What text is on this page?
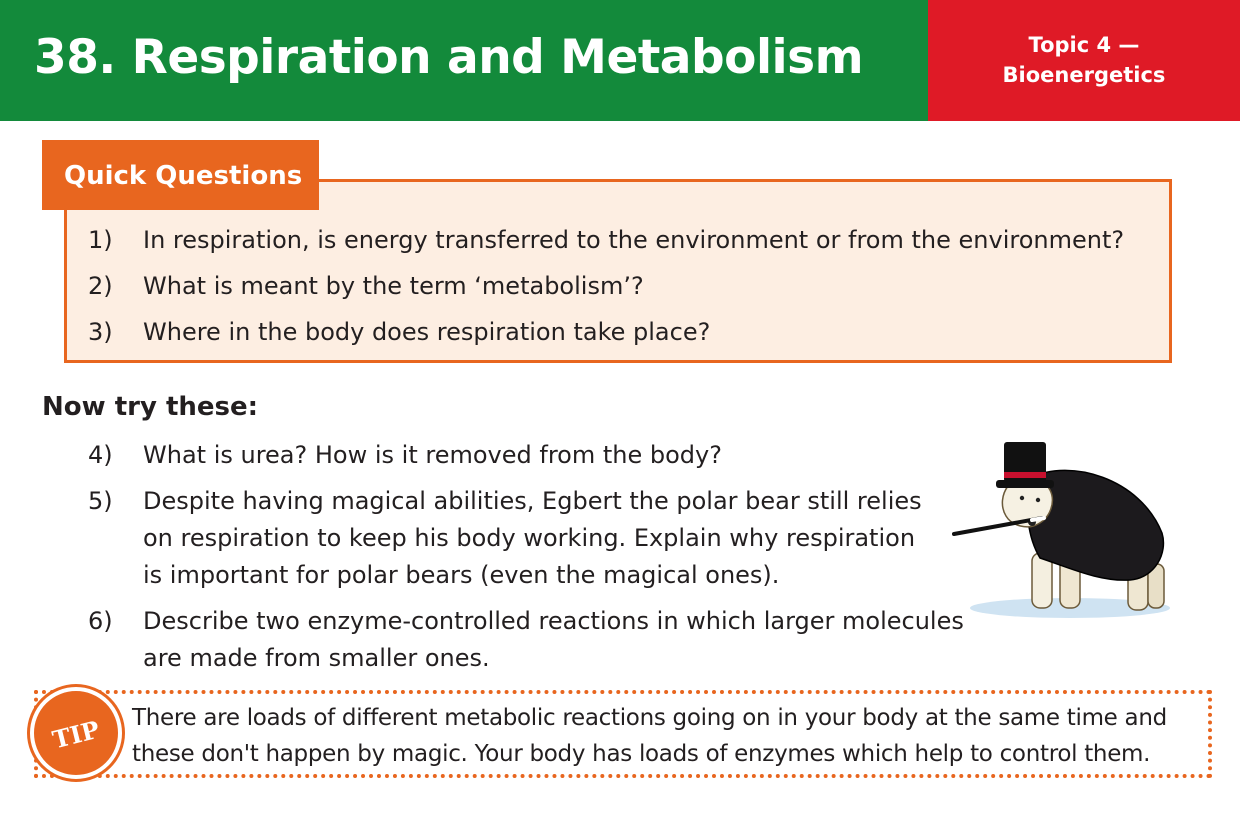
38. Respiration and Metabolism	Topic 4 —
Bioenergetics
Quick Questions
1) In respiration, is energy transferred to the environment or from the environment?
2) What is meant by the term ‘metabolism’?
3) Where in the body does respiration take place?
Now try these:
4) What is urea? How is it removed from the body?
5) Despite having magical abilities, Egbert the polar bear still relies
on respiration to keep his body working. Explain why respiration
is important for polar bears (even the magical ones).
6) Describe two enzyme-controlled reactions in which larger molecules
are made from smaller ones.
TIP	There are loads of different metabolic reactions going on in your body at the same time and
these don't happen by magic. Your body has loads of enzymes which help to control them.
